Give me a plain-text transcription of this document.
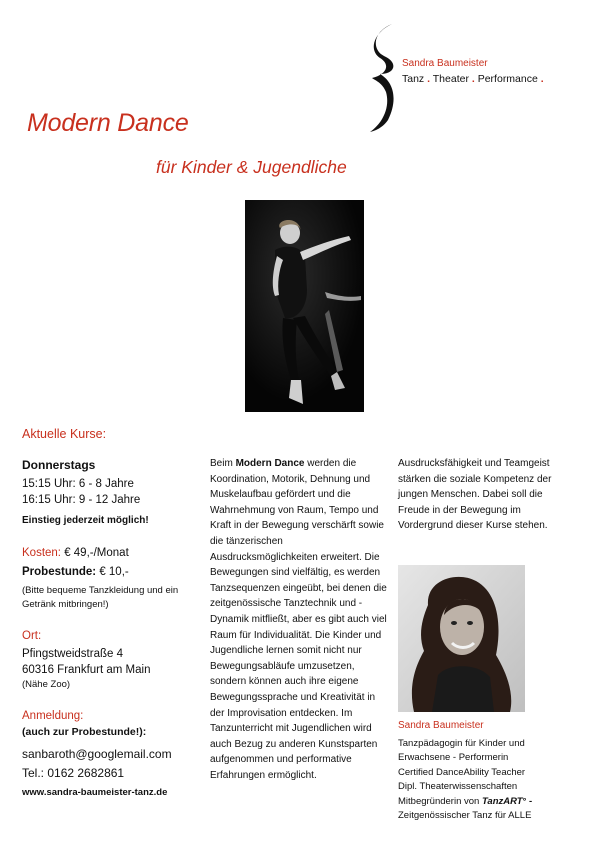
Sandra Baumeister
Tanz . Theater . Performance .
Modern Dance
für Kinder & Jugendliche
Aktuelle Kurse:
Donnerstags
15:15 Uhr: 6 - 8 Jahre
16:15 Uhr: 9 - 12 Jahre
Einstieg jederzeit möglich!
Kosten: € 49,-/Monat
Probestunde: € 10,-
(Bitte bequeme Tanzkleidung und ein Getränk mitbringen!)
Ort:
Pfingstweidstraße 4
60316 Frankfurt am Main
(Nähe Zoo)
Anmeldung:
(auch zur Probestunde!):
sanbaroth@googlemail.com
Tel.: 0162 2682861
www.sandra-baumeister-tanz.de
Beim Modern Dance werden die Koordination, Motorik, Dehnung und Muskelaufbau gefördert und die Wahrnehmung von Raum, Tempo und Kraft in der Bewegung verschärft sowie die tänzerischen Ausdrucksmöglichkeiten erweitert. Die Bewegungen sind vielfältig, es werden Tanzsequenzen eingeübt, bei denen die zeitgenössische Tanztechnik und -Dynamik mitfließt, aber es gibt auch viel Raum für Individualität. Die Kinder und Jugendliche lernen somit nicht nur Bewegungsabläufe umzusetzen, sondern können auch ihre eigene Bewegungssprache und Kreativität in der Improvisation entdecken. Im Tanzunterricht mit Jugendlichen wird auch Bezug zu anderen Kunstsparten aufgenommen und performative Erfahrungen ermöglicht.
Ausdrucksfähigkeit und Teamgeist stärken die soziale Kompetenz der jungen Menschen. Dabei soll die Freude in der Bewegung im Vordergrund dieser Kurse stehen.
Sandra Baumeister
Tanzpädagogin für Kinder und Erwachsene - Performerin
Certified DanceAbility Teacher
Dipl. Theaterwissenschaften
Mitbegründerin von TanzART° -
Zeitgenössischer Tanz für ALLE
